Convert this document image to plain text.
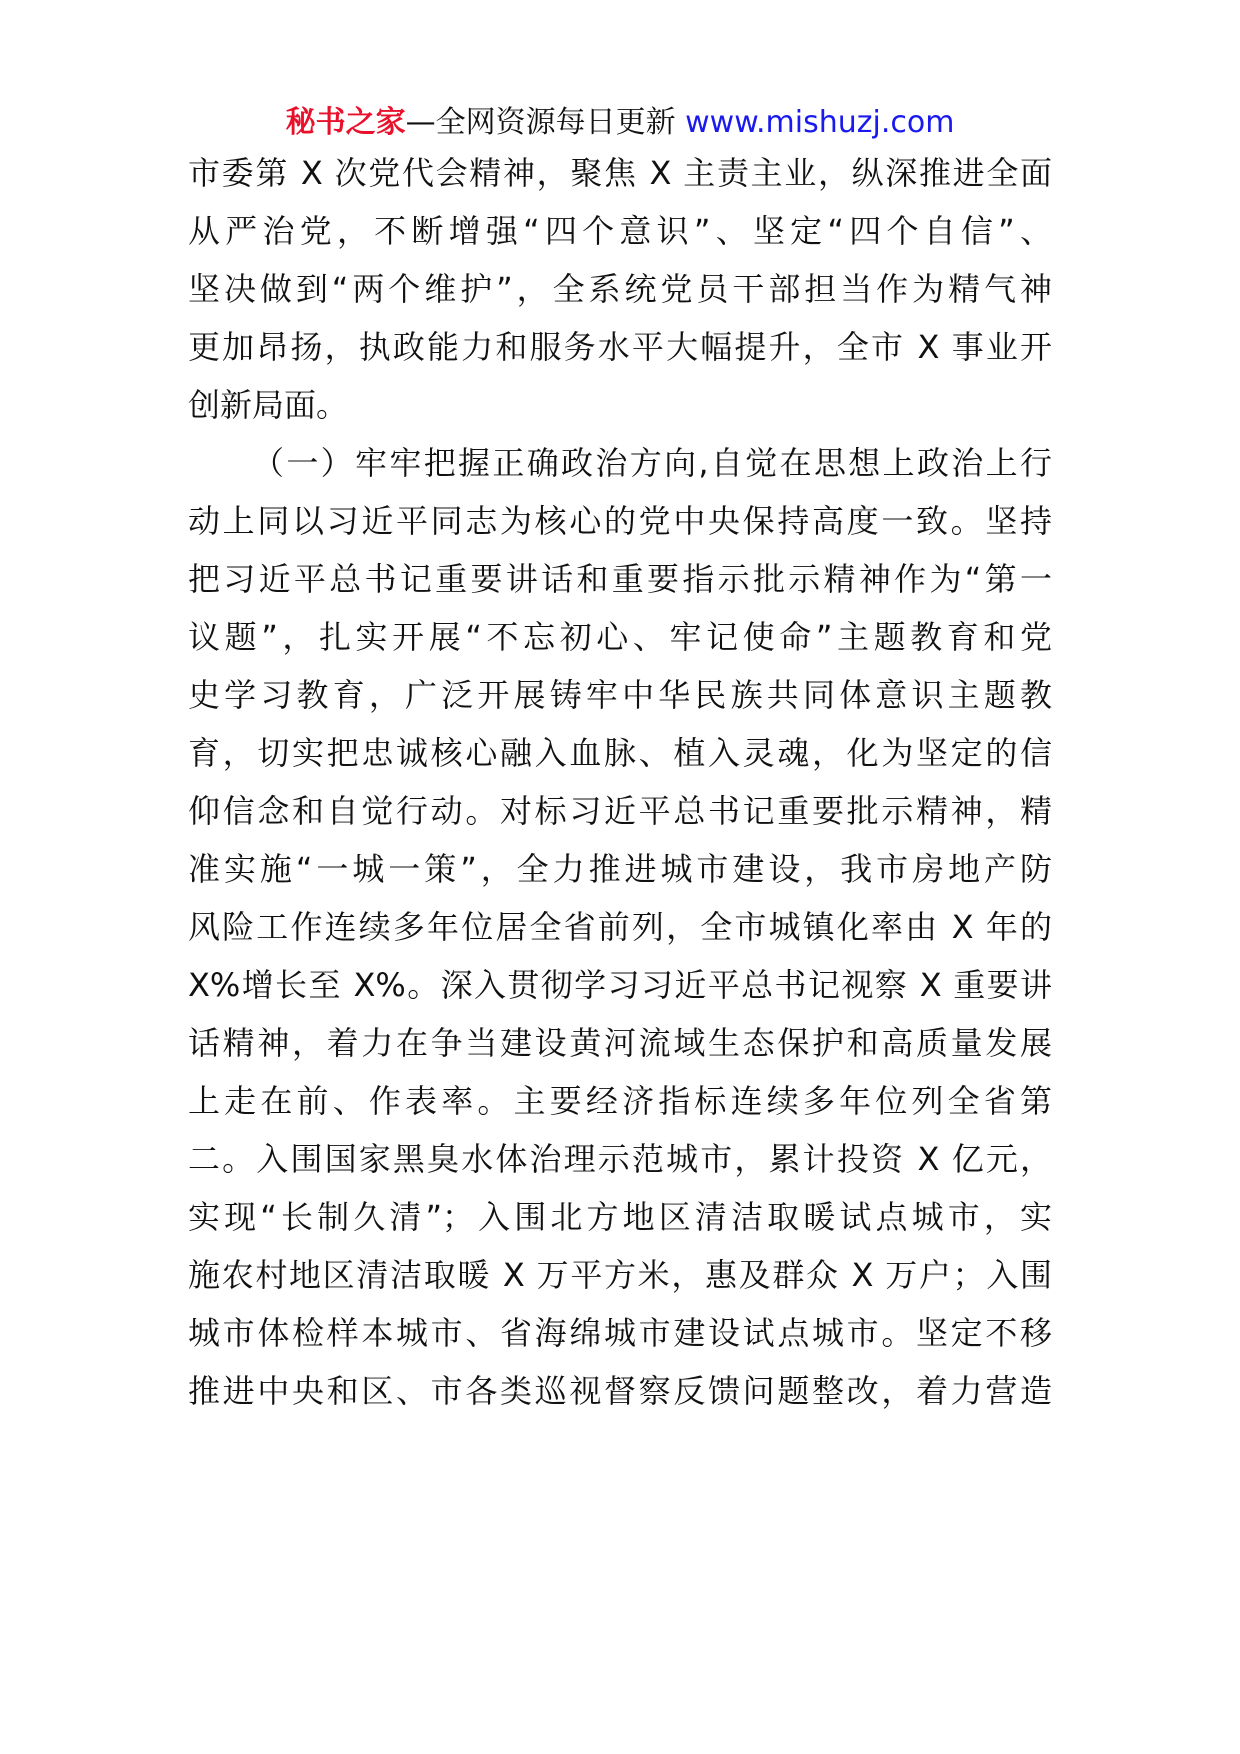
秘书之家—全网资源每日更新 www.mishuzj.com
市委第 X 次党代会精神，聚焦 X 主责主业，纵深推进全面
从严治党，不断增强“四个意识”、坚定“四个自信”、
坚决做到“两个维护”，全系统党员干部担当作为精气神
更加昂扬，执政能力和服务水平大幅提升，全市 X 事业开
创新局面。
（一）牢牢把握正确政治方向,自觉在思想上政治上行
动上同以习近平同志为核心的党中央保持高度一致。坚持
把习近平总书记重要讲话和重要指示批示精神作为“第一
议题”，扎实开展“不忘初心、牢记使命”主题教育和党
史学习教育，广泛开展铸牢中华民族共同体意识主题教
育，切实把忠诚核心融入血脉、植入灵魂，化为坚定的信
仰信念和自觉行动。对标习近平总书记重要批示精神，精
准实施“一城一策”，全力推进城市建设，我市房地产防
风险工作连续多年位居全省前列，全市城镇化率由 X 年的
X%增长至 X%。深入贯彻学习习近平总书记视察 X 重要讲
话精神，着力在争当建设黄河流域生态保护和高质量发展
上走在前、作表率。主要经济指标连续多年位列全省第
二。入围国家黑臭水体治理示范城市，累计投资 X 亿元，
实现“长制久清”；入围北方地区清洁取暖试点城市，实
施农村地区清洁取暖 X 万平方米，惠及群众 X 万户；入围
城市体检样本城市、省海绵城市建设试点城市。坚定不移
推进中央和区、市各类巡视督察反馈问题整改，着力营造
